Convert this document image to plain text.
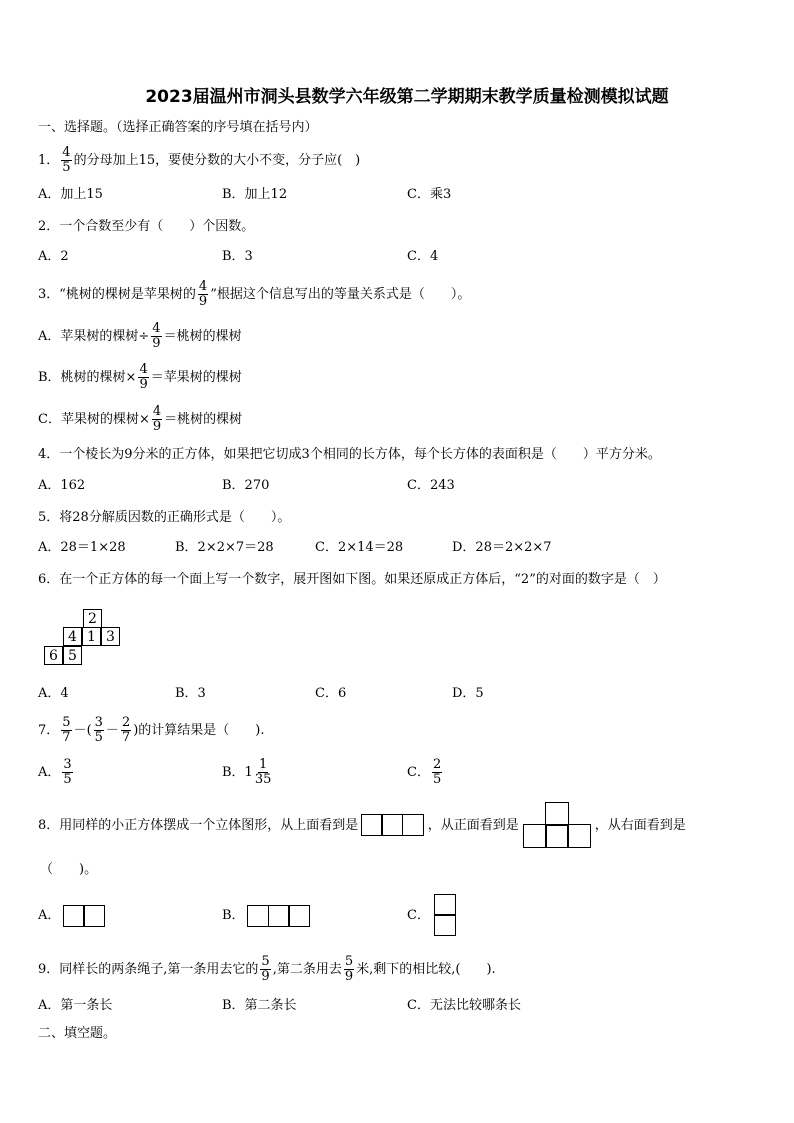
2023届温州市洞头县数学六年级第二学期期末教学质量检测模拟试题
一、选择题。（选择正确答案的序号填在括号内）
1． $\frac{4}{5}$ 的分母加上15，要使分数的大小不变，分子应(　)
A．加上15	B．加上12	C．乘3
2．一个合数至少有（　　）个因数。
A．2	B．3	C．4
3．“桃树的棵树是苹果树的 $\frac{4}{9}$ ”根据这个信息写出的等量关系式是（　　）。
A．苹果树的棵树÷ $\frac{4}{9}$ ＝桃树的棵树
B．桃树的棵树× $\frac{4}{9}$ ＝苹果树的棵树
C．苹果树的棵树× $\frac{4}{9}$ ＝桃树的棵树
4．一个棱长为9分米的正方体，如果把它切成3个相同的长方体，每个长方体的表面积是（　　）平方分米。
A．162	B．270	C．243
5．将28分解质因数的正确形式是（　　）。
A．28＝1×28	B．2×2×7＝28	C．2×14＝28	D．28＝2×2×7
6．在一个正方体的每一个面上写一个数字，展开图如下图。如果还原成正方体后，“2”的对面的数字是（　）
2
4 1 3
6 5
A．4	B．3	C．6	D．5
7． $\frac{5}{7}$ －( $\frac{3}{5} - \frac{2}{7}$ )的计算结果是（　　).
A． $\frac{3}{5}$	B．$1 \frac{1}{35}$	C． $\frac{2}{5}$
8．用同样的小正方体摆成一个立体图形，从上面看到是	，从正面看到是	，从右面看到是
（　　)。
A．	B．	C．
9．同样长的两条绳子,第一条用去它的 $\frac{5}{9}$ ,第二条用去 $\frac{5}{9}$ 米,剩下的相比较,(　　).
A．第一条长	B．第二条长	C．无法比较哪条长
二、填空题。
